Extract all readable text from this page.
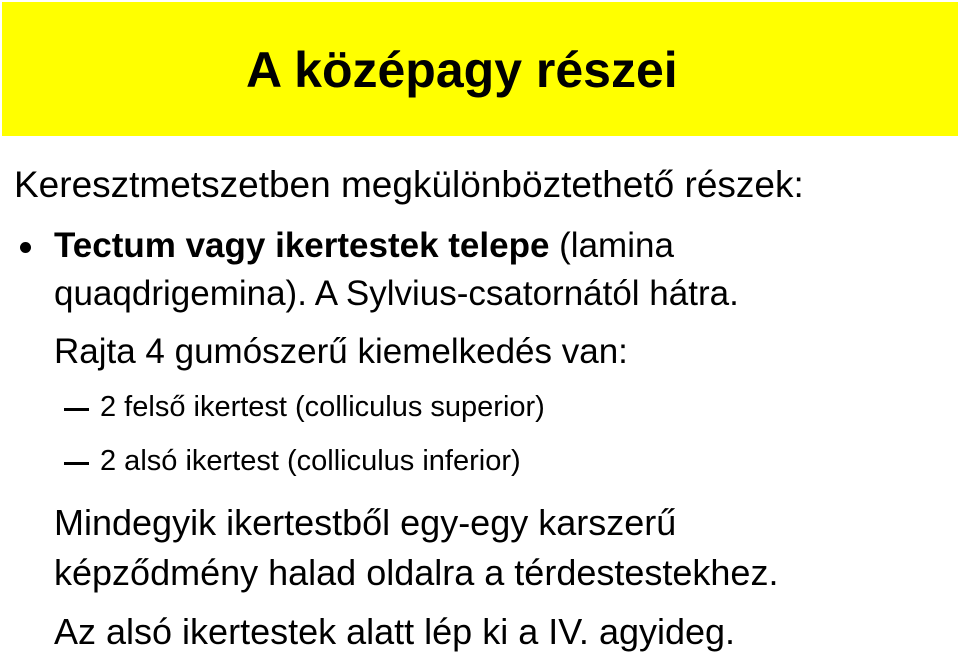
A középagy részei

Keresztmetszetben megkülönböztethető részek:

Tectum vagy ikertestek telepe (lamina

quaqdrigemina). A Sylvius-csatornától hátra.

Rajta 4 gumószerű kiemelkedés van:

2 felső ikertest (colliculus superior)

2 alsó ikertest (colliculus inferior)

Mindegyik ikertestből egy-egy karszerű

képződmény halad oldalra a térdestestekhez.

Az alsó ikertestek alatt lép ki a IV. agyideg.
